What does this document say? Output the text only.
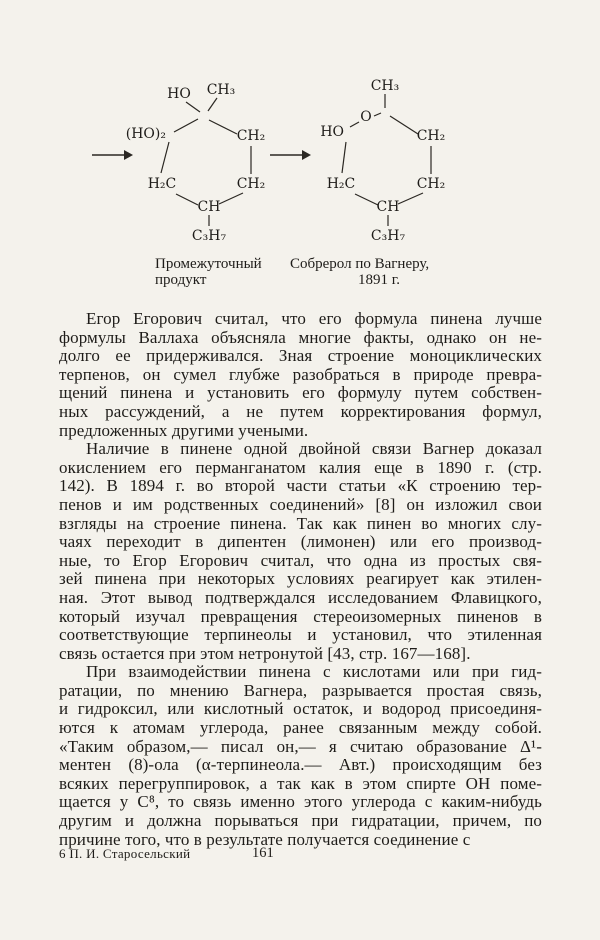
HO CH₃
(HO)₂	CH₂
CH₂
CH
H₂C
C₃H₇
CH₃
O
HO	CH₂
CH₂
CH
H₂C
C₃H₇
Промежуточный
продукт
Собрерол по Вагнеру,
1891 г.
Егор Егорович считал, что его формула пинена лучше
формулы Валлаха объясняла многие факты, однако он не-
долго ее придерживался. Зная строение моноциклических
терпенов, он сумел глубже разобраться в природе превра-
щений пинена и установить его формулу путем собствен-
ных рассуждений, а не путем корректирования формул,
предложенных другими учеными.
Наличие в пинене одной двойной связи Вагнер доказал
окислением его перманганатом калия еще в 1890 г. (стр.
142). В 1894 г. во второй части статьи «К строению тер-
пенов и им родственных соединений» [8] он изложил свои
взгляды на строение пинена. Так как пинен во многих слу-
чаях переходит в дипентен (лимонен) или его производ-
ные, то Егор Егорович считал, что одна из простых свя-
зей пинена при некоторых условиях реагирует как этилен-
ная. Этот вывод подтверждался исследованием Флавицкого,
который изучал превращения стереоизомерных пиненов в
соответствующие терпинеолы и установил, что этиленная
связь остается при этом нетронутой [43, стр. 167—168].
При взаимодействии пинена с кислотами или при гид-
ратации, по мнению Вагнера, разрывается простая связь,
и гидроксил, или кислотный остаток, и водород присоединя-
ются к атомам углерода, ранее связанным между собой.
«Таким образом,— писал он,— я считаю образование Δ¹-
ментен (8)-ола (α-терпинеола.— Авт.) происходящим без
всяких перегруппировок, а так как в этом спирте ОН поме-
щается у С⁸, то связь именно этого углерода с каким-нибудь
другим и должна порываться при гидратации, причем, по
причине того, что в результате получается соединение с
6 П. И. Старосельский	161
